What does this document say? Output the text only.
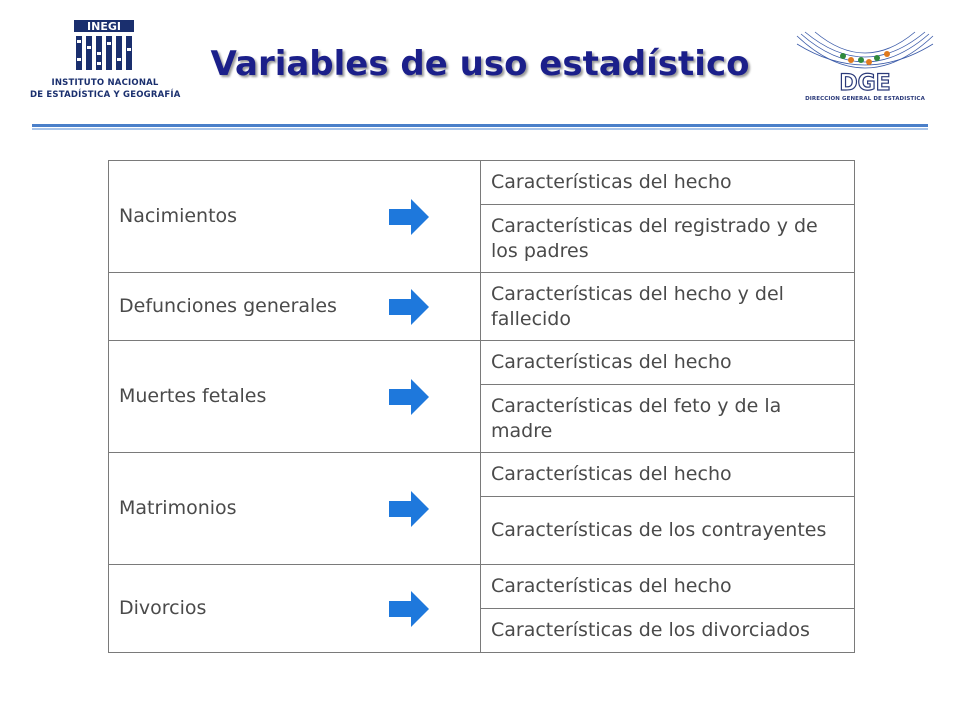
INEGI
INSTITUTO NACIONAL
DE ESTADÍSTICA Y GEOGRAFÍA
Variables de uso estadístico	DGE
DIRECCION GENERAL DE ESTADISTICA
Nacimientos	Características del hecho
	Características del registrado y de los padres

Defunciones generales	Características del hecho y del fallecido

Muertes fetales	Características del hecho
	Características del feto y de la madre

Matrimonios	Características del hecho
	Características de los contrayentes

Divorcios	Características del hecho
	Características de los divorciados
